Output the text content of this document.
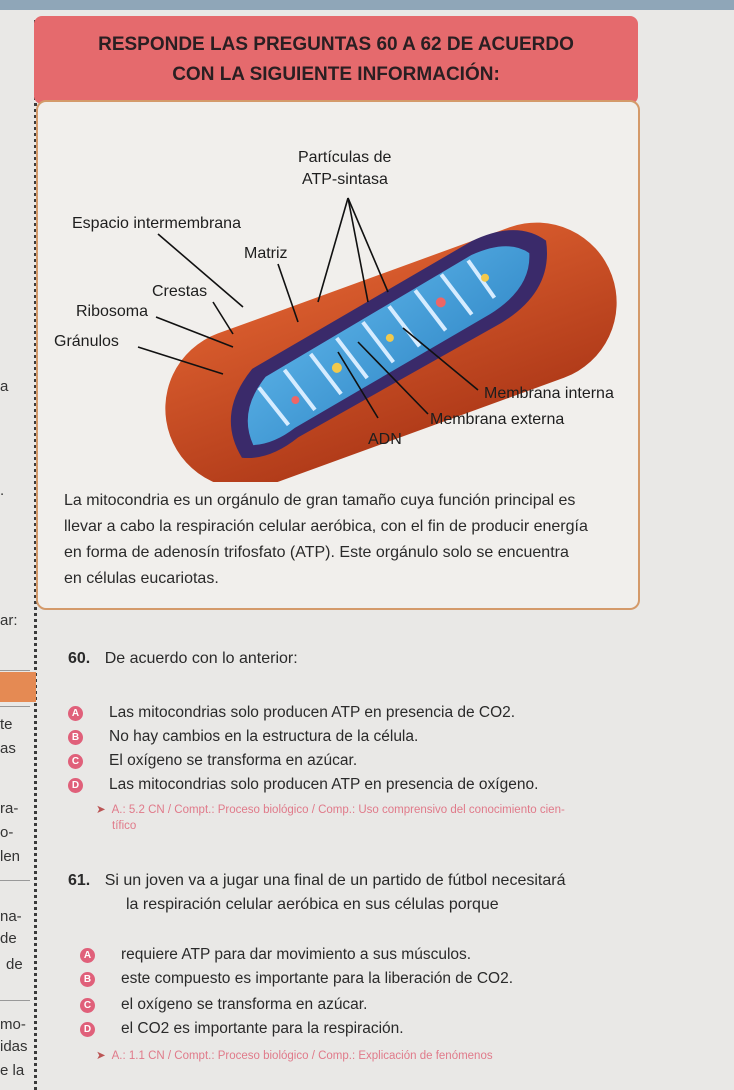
a
.
ar:
te
as
ra-
o-
len
na-
de
de
mo-
idas
e la
RESPONDE LAS PREGUNTAS 60 A 62 DE ACUERDO
CON LA SIGUIENTE INFORMACIÓN:
Partículas de
ATP-sintasa
Espacio intermembrana
Matriz
Crestas
Ribosoma
Gránulos
Membrana interna
Membrana externa
ADN
La mitocondria es un orgánulo de gran tamaño cuya función principal es
llevar a cabo la respiración celular aeróbica, con el fin de producir energía
en forma de adenosín trifosfato (ATP). Este orgánulo solo se encuentra
en células eucariotas.
60. De acuerdo con lo anterior:
A Las mitocondrias solo producen ATP en presencia de CO2.
B No hay cambios en la estructura de la célula.
C El oxígeno se transforma en azúcar.
D Las mitocondrias solo producen ATP en presencia de oxígeno.
➤ A.: 5.2 CN / Compt.: Proceso biológico / Comp.: Uso comprensivo del conocimiento cien-
tífico
61. Si un joven va a jugar una final de un partido de fútbol necesitará
la respiración celular aeróbica en sus células porque
A requiere ATP para dar movimiento a sus músculos.
B este compuesto es importante para la liberación de CO2.
C el oxígeno se transforma en azúcar.
D el CO2 es importante para la respiración.
➤ A.: 1.1 CN / Compt.: Proceso biológico / Comp.: Explicación de fenómenos
